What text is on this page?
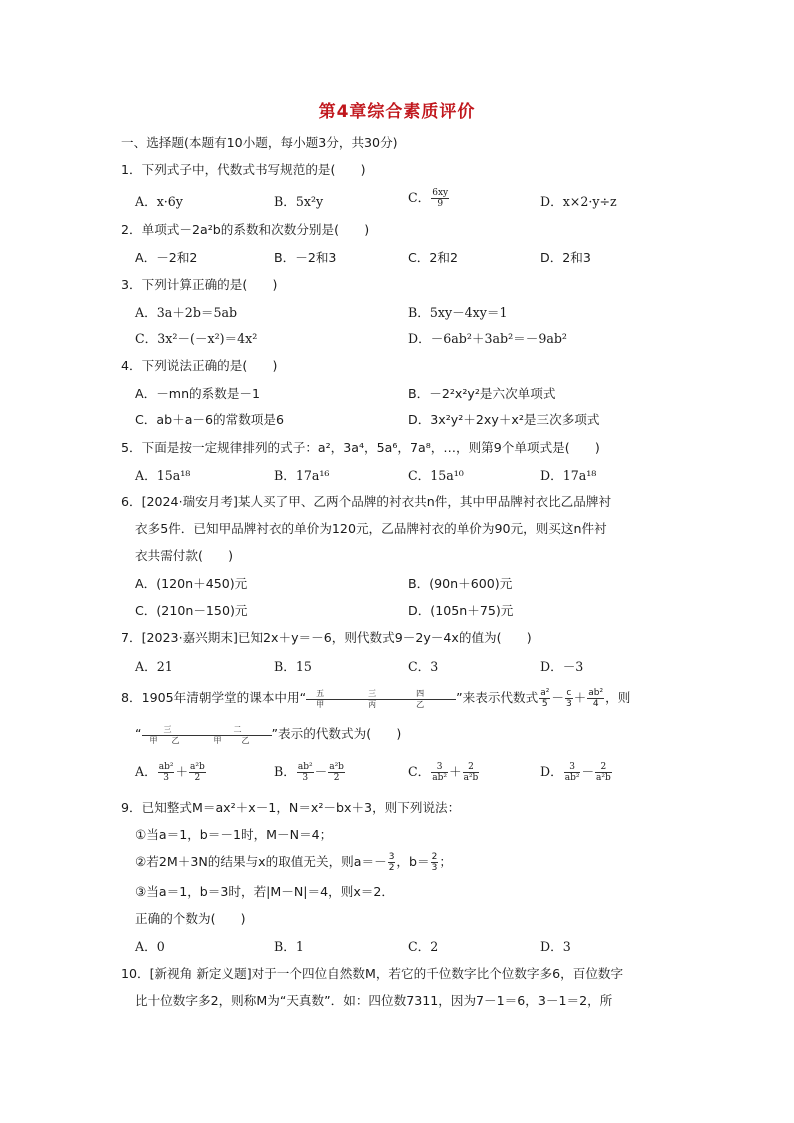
第4章综合素质评价
一、选择题(本题有10小题，每小题3分，共30分)
1．下列式子中，代数式书写规范的是(　　)
A．x·6y	B．5x²y	C． $\frac{6xy}{9}$	D．x×2·y÷z
2．单项式－2a²b的系数和次数分别是(　　)
A．－2和2	B．－2和3	C．2和2	D．2和3
3．下列计算正确的是(　　)
A．3a＋2b＝5ab	B．5xy－4xy＝1
C．3x²－(－x²)＝4x²	D．－6ab²＋3ab²＝－9ab²
4．下列说法正确的是(　　)
A．－mn的系数是－1	B．－2²x²y²是六次单项式
C．ab＋a－6的常数项是6	D．3x²y²＋2xy＋x²是三次多项式
5．下面是按一定规律排列的式子：a²，3a⁴，5a⁶，7a⁸，…，则第9个单项式是(　　)
A．15a¹⁸	B．17a¹⁶	C．15a¹⁰	D．17a¹⁸
6．[2024·瑞安月考]某人买了甲、乙两个品牌的衬衣共n件，其中甲品牌衬衣比乙品牌衬
衣多5件．已知甲品牌衬衣的单价为120元，乙品牌衬衣的单价为90元，则买这n件衬
衣共需付款(　　)
A．(120n＋450)元	B．(90n＋600)元
C．(210n－150)元	D．(105n＋75)元
7．[2023·嘉兴期末]已知2x＋y＝－6，则代数式9－2y－4x的值为(　　)
A．21	B．15	C．3	D．－3
8．1905年清朝学堂的课本中用“ 五
甲
三
丙
四
乙	”来表示代数式 $\frac{\text{a²}}{5} - \frac{c}{3} + \frac{\text{ab²}}{4}$ ，则
“	三
甲 乙
二
甲	乙 ”表示的代数式为(　　)
A． $\frac{\text{ab²}}{3} + \frac{\text{a²b}}{2}$	B． $\frac{\text{ab²}}{3} - \frac{\text{a²b}}{2}$	C． $\frac{3}{\text{ab²}} + \frac{2}{\text{a²b}}$	D． $\frac{3}{\text{ab²}} - \frac{2}{\text{a²b}}$
9．已知整式M＝ax²＋x－1，N＝x²－bx＋3，则下列说法：
①当a＝1，b＝－1时，M－N＝4；
②若2M＋3N的结果与x的取值无关，则$a=- \frac{3}{2}$ ，$b= \frac{2}{3}$ ；
③当a＝1，b＝3时，若|M－N|＝4，则x＝2．
正确的个数为(　　)
A．0	B．1	C．2	D．3
10．[新视角 新定义题]对于一个四位自然数M，若它的千位数字比个位数字多6，百位数字
比十位数字多2，则称M为“天真数”．如：四位数7311，因为7－1＝6，3－1＝2，所
